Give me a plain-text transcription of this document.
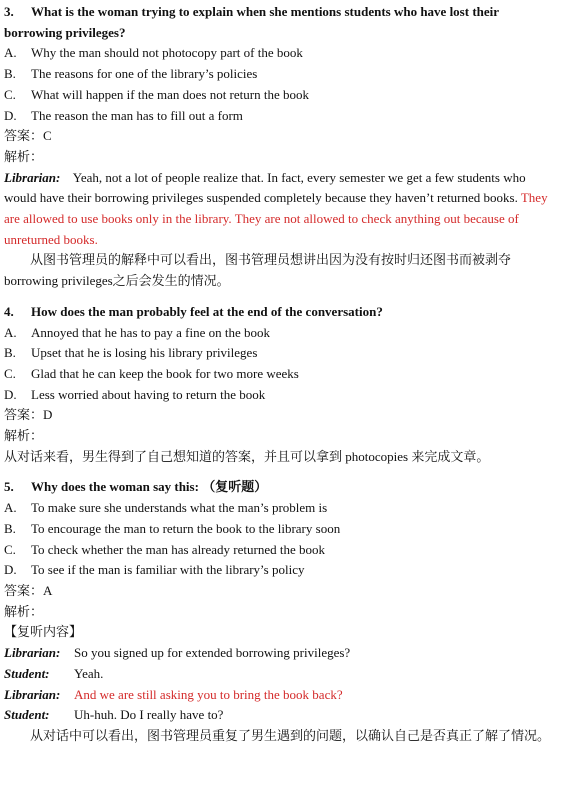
3. What is the woman trying to explain when she mentions students who have lost their

borrowing privileges?

A. Why the man should not photocopy part of the book

B. The reasons for one of the library’s policies

C. What will happen if the man does not return the book

D. The reason the man has to fill out a form

答案：C

解析：

Librarian: Yeah, not a lot of people realize that. In fact, every semester we get a few students who would have their borrowing privileges suspended completely because they haven’t returned books. They are allowed to use books only in the library. They are not allowed to check anything out because of unreturned books.

从图书管理员的解释中可以看出，图书管理员想讲出因为没有按时归还图书而被剥夺borrowing privileges之后会发生的情况。

4. How does the man probably feel at the end of the conversation?

A. Annoyed that he has to pay a fine on the book

B. Upset that he is losing his library privileges

C. Glad that he can keep the book for two more weeks

D. Less worried about having to return the book

答案：D

解析：

从对话来看，男生得到了自己想知道的答案，并且可以拿到 photocopies 来完成文章。

5. Why does the woman say this: （复听题）

A. To make sure she understands what the man’s problem is

B. To encourage the man to return the book to the library soon

C. To check whether the man has already returned the book

D. To see if the man is familiar with the library’s policy

答案：A

解析：

【复听内容】

Librarian: So you signed up for extended borrowing privileges?

Student: Yeah.

Librarian: And we are still asking you to bring the book back?

Student: Uh-huh. Do I really have to?

从对话中可以看出，图书管理员重复了男生遇到的问题，以确认自己是否真正了解了情况。
